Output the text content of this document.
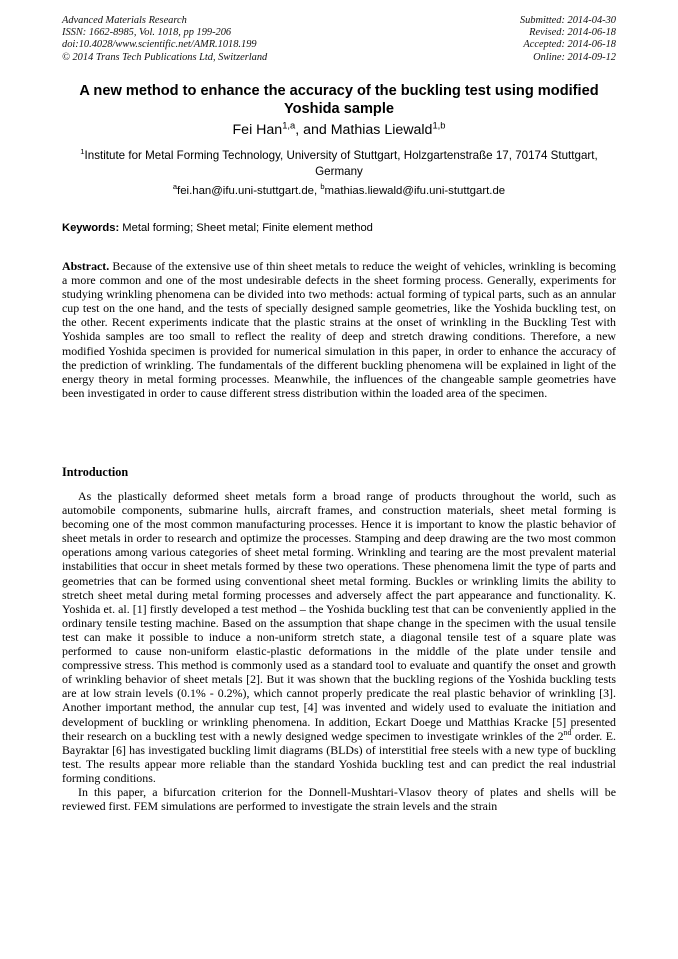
Advanced Materials Research
ISSN: 1662-8985, Vol. 1018, pp 199-206
doi:10.4028/www.scientific.net/AMR.1018.199
© 2014 Trans Tech Publications Ltd, Switzerland
Submitted: 2014-04-30
Revised: 2014-06-18
Accepted: 2014-06-18
Online: 2014-09-12
A new method to enhance the accuracy of the buckling test using modified Yoshida sample
Fei Han$^{1,a}$, and Mathias Liewald$^{1,b}$
$^1$Institute for Metal Forming Technology, University of Stuttgart, Holzgartenstraße 17, 70174 Stuttgart, Germany
$^a$fei.han@ifu.uni-stuttgart.de, $^b$mathias.liewald@ifu.uni-stuttgart.de
Keywords: Metal forming; Sheet metal; Finite element method
Abstract. Because of the extensive use of thin sheet metals to reduce the weight of vehicles, wrinkling is becoming a more common and one of the most undesirable defects in the sheet forming process. Generally, experiments for studying wrinkling phenomena can be divided into two methods: actual forming of typical parts, such as an annular cup test on the one hand, and the tests of specially designed sample geometries, like the Yoshida buckling test, on the other. Recent experiments indicate that the plastic strains at the onset of wrinkling in the Buckling Test with Yoshida samples are too small to reflect the reality of deep and stretch drawing conditions. Therefore, a new modified Yoshida specimen is provided for numerical simulation in this paper, in order to enhance the accuracy of the prediction of wrinkling. The fundamentals of the different buckling phenomena will be explained in light of the energy theory in metal forming processes. Meanwhile, the influences of the changeable sample geometries have been investigated in order to cause different stress distribution within the loaded area of the specimen.
Introduction

As the plastically deformed sheet metals form a broad range of products throughout the world, such as automobile components, submarine hulls, aircraft frames, and construction materials, sheet metal forming is becoming one of the most common manufacturing processes. Hence it is important to know the plastic behavior of sheet metals in order to research and optimize the processes. Stamping and deep drawing are the two most common operations among various categories of sheet metal forming. Wrinkling and tearing are the most prevalent material instabilities that occur in sheet metals formed by these two operations. These phenomena limit the type of parts and geometries that can be formed using conventional sheet metal forming. Buckles or wrinkling limits the ability to stretch sheet metal during metal forming processes and adversely affect the part appearance and functionality. K. Yoshida et. al. [1] firstly developed a test method – the Yoshida buckling test that can be conveniently applied in the ordinary tensile testing machine. Based on the assumption that shape change in the specimen with the usual tensile test can make it possible to induce a non-uniform stretch state, a diagonal tensile test of a square plate was performed to cause non-uniform elastic-plastic deformations in the middle of the plate under tensile and compressive stress. This method is commonly used as a standard tool to evaluate and quantify the onset and growth of wrinkling behavior of sheet metals [2]. But it was shown that the buckling regions of the Yoshida buckling tests are at low strain levels (0.1% - 0.2%), which cannot properly predicate the real plastic behavior of wrinkling [3]. Another important method, the annular cup test, [4] was invented and widely used to evaluate the initiation and development of buckling or wrinkling phenomena. In addition, Eckart Doege und Matthias Kracke [5] presented their research on a buckling test with a newly designed wedge specimen to investigate wrinkles of the 2nd order. E. Bayraktar [6] has investigated buckling limit diagrams (BLDs) of interstitial free steels with a new type of buckling test. The results appear more reliable than the standard Yoshida buckling test and can predict the real industrial forming conditions.

In this paper, a bifurcation criterion for the Donnell-Mushtari-Vlasov theory of plates and shells will be reviewed first. FEM simulations are performed to investigate the strain levels and the strain
